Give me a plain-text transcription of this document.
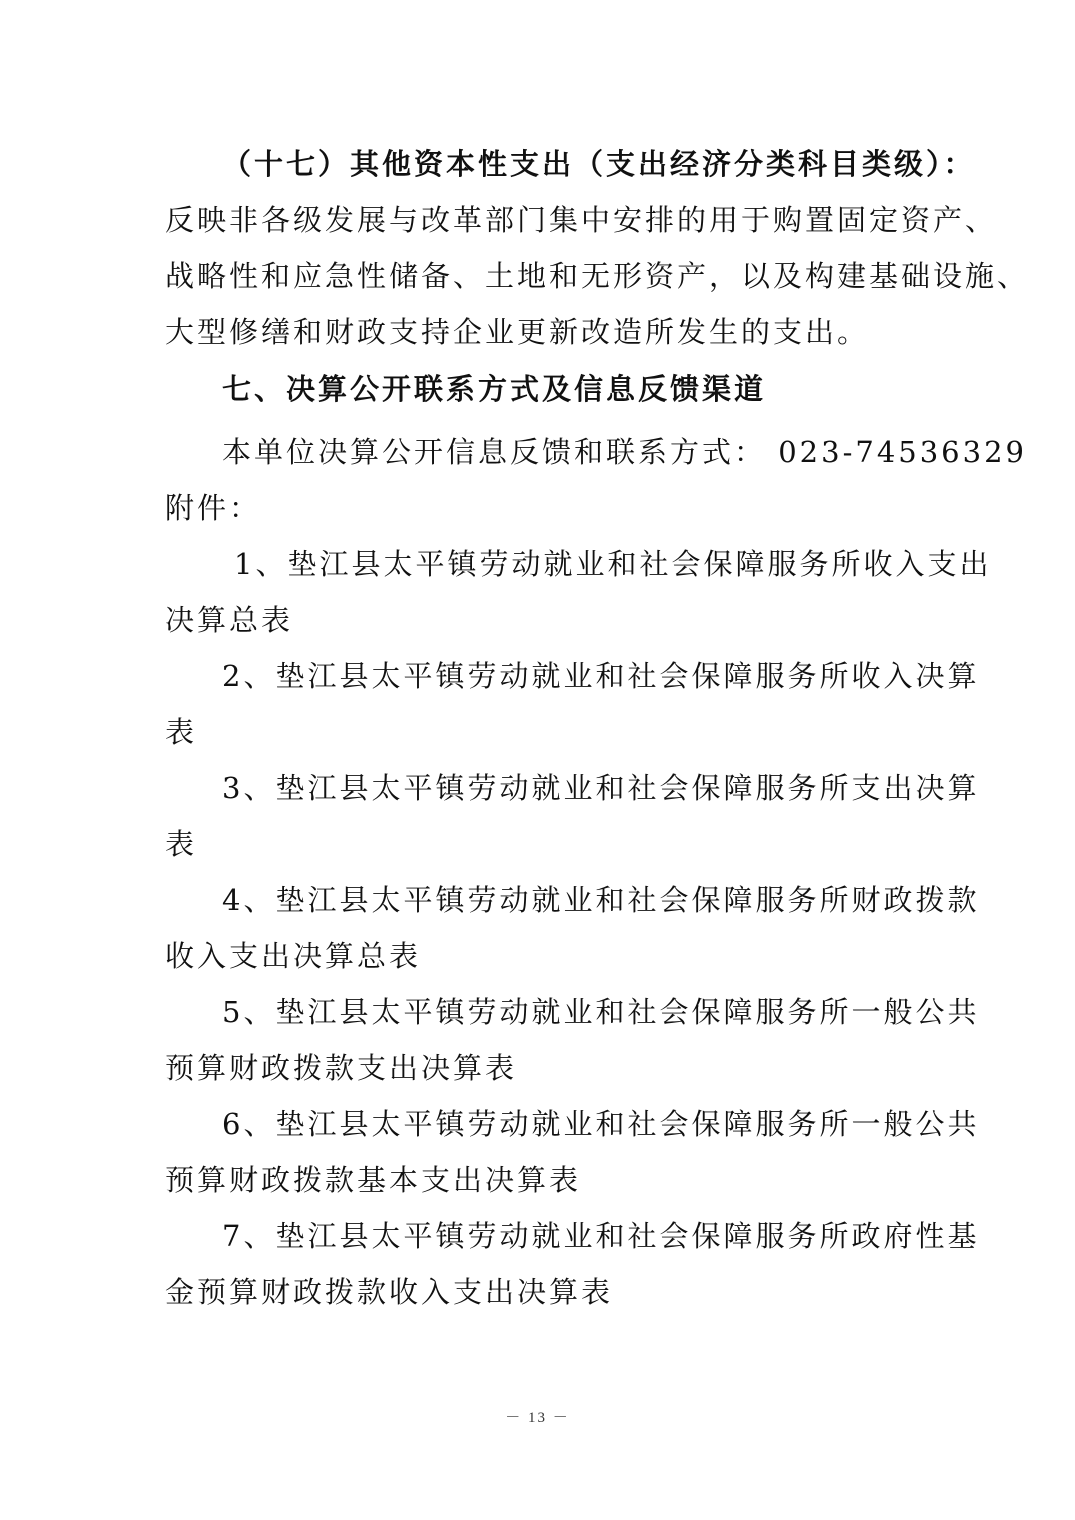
（十七）其他资本性支出（支出经济分类科目类级）：
反映非各级发展与改革部门集中安排的用于购置固定资产、
战略性和应急性储备、土地和无形资产，以及构建基础设施、
大型修缮和财政支持企业更新改造所发生的支出。
七、决算公开联系方式及信息反馈渠道
本单位决算公开信息反馈和联系方式： 023-74536329
附件：
1、垫江县太平镇劳动就业和社会保障服务所收入支出
决算总表
2、垫江县太平镇劳动就业和社会保障服务所收入决算
表
3、垫江县太平镇劳动就业和社会保障服务所支出决算
表
4、垫江县太平镇劳动就业和社会保障服务所财政拨款
收入支出决算总表
5、垫江县太平镇劳动就业和社会保障服务所一般公共
预算财政拨款支出决算表
6、垫江县太平镇劳动就业和社会保障服务所一般公共
预算财政拨款基本支出决算表
7、垫江县太平镇劳动就业和社会保障服务所政府性基
金预算财政拨款收入支出决算表
－ 13 －
